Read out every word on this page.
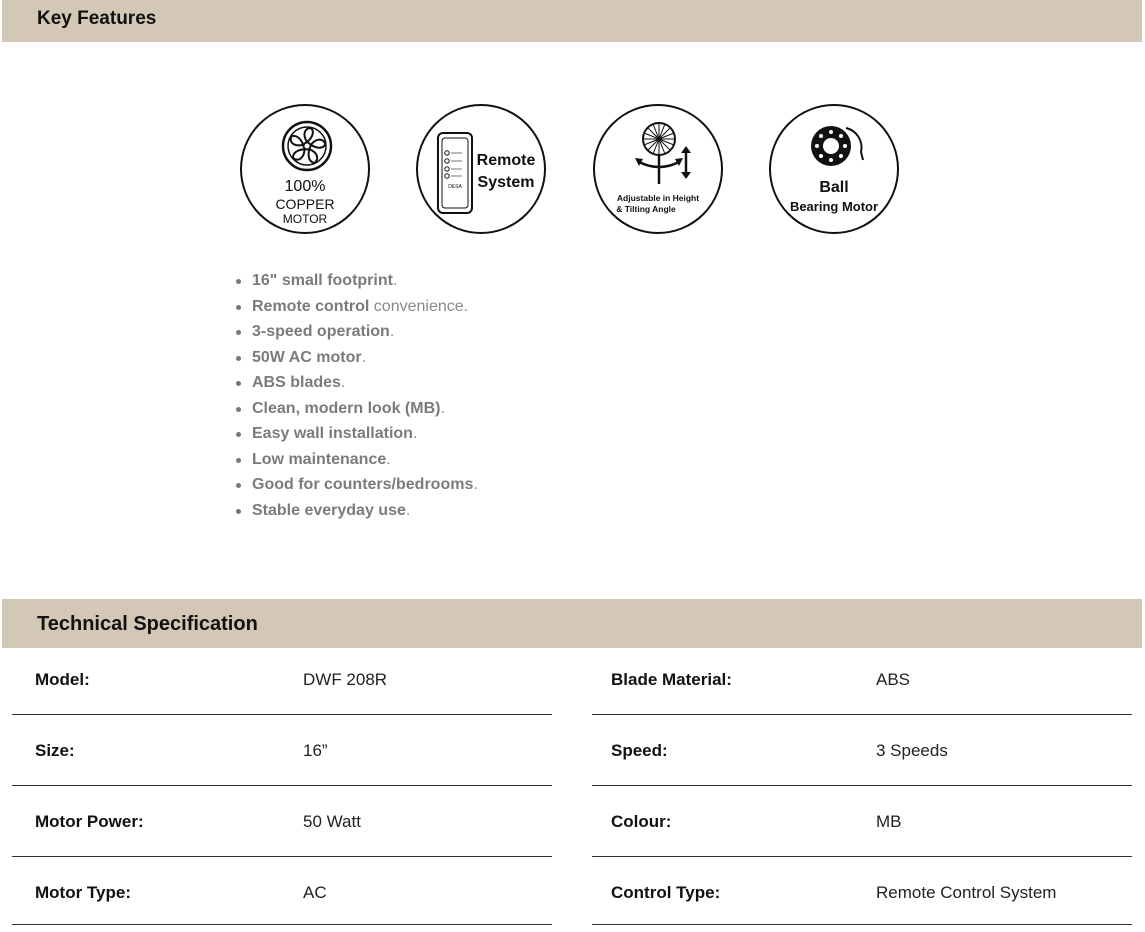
Key Features
100%
COPPER
MOTOR
DESA
Remote
System
Adjustable in Height
& Tilting Angle
Ball
Bearing Motor
16" small footprint.
Remote control convenience.
3-speed operation.
50W AC motor.
ABS blades.
Clean, modern look (MB).
Easy wall installation.
Low maintenance.
Good for counters/bedrooms.
Stable everyday use.
Technical Specification
Model:	DWF 208R
Size:	16”
Motor Power:	50 Watt
Motor Type:	AC
Blade Material:	ABS
Speed:	3 Speeds
Colour:	MB
Control Type:	Remote Control System
